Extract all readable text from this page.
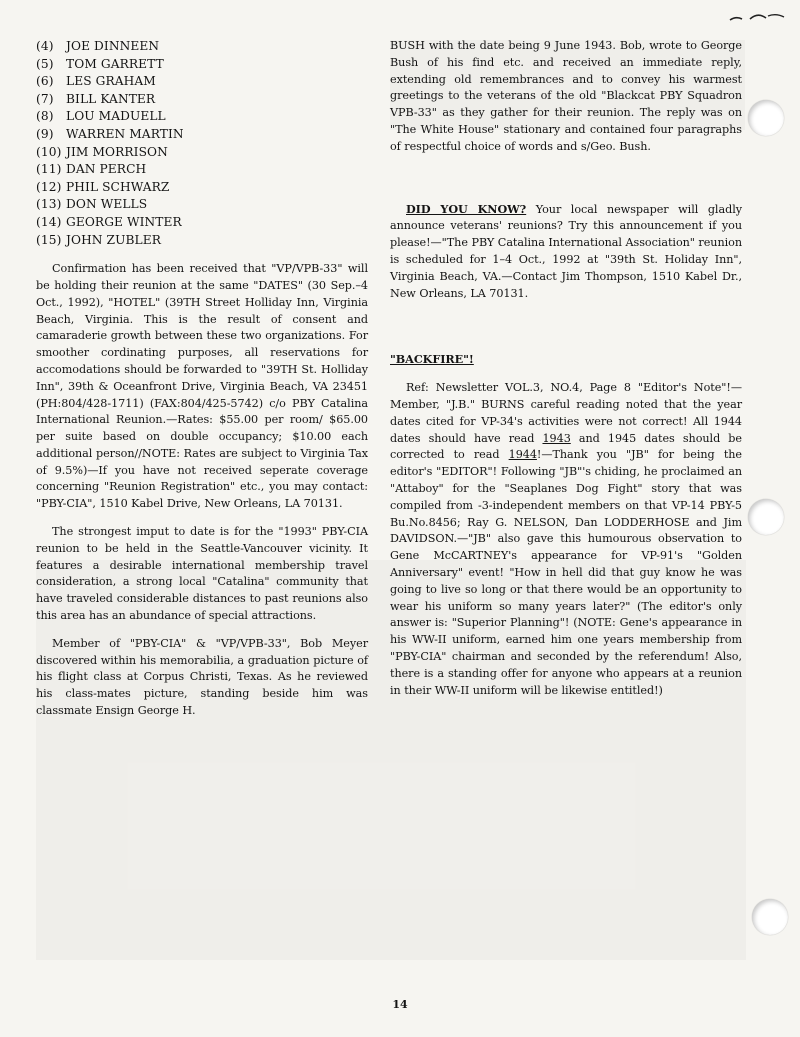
(4) JOE DINNEEN
(5) TOM GARRETT
(6) LES GRAHAM
(7) BILL KANTER
(8) LOU MADUELL
(9) WARREN MARTIN
(10) JIM MORRISON
(11) DAN PERCH
(12) PHIL SCHWARZ
(13) DON WELLS
(14) GEORGE WINTER
(15) JOHN ZUBLER

Confirmation has been received that "VP/VPB-33" will be holding their reunion at the same "DATES" (30 Sep.–4 Oct., 1992), "HOTEL" (39TH Street Holliday Inn, Virginia Beach, Virginia. This is the result of consent and camaraderie growth between these two organizations. For smoother cordinating purposes, all reservations for accomodations should be forwarded to "39TH St. Holliday Inn", 39th & Oceanfront Drive, Virginia Beach, VA 23451 (PH:804/428-1711) (FAX:804/425-5742) c/o PBY Catalina International Reunion.—Rates: $55.00 per room/ $65.00 per suite based on double occupancy; $10.00 each additional person//NOTE: Rates are subject to Virginia Tax of 9.5%)—If you have not received seperate coverage concerning "Reunion Registration" etc., you may contact: "PBY-CIA", 1510 Kabel Drive, New Orleans, LA 70131.

The strongest imput to date is for the "1993" PBY-CIA reunion to be held in the Seattle-Vancouver vicinity. It features a desirable international membership travel consideration, a strong local "Catalina" community that have traveled considerable distances to past reunions also this area has an abundance of special attractions.

Member of "PBY-CIA" & "VP/VPB-33", Bob Meyer discovered within his memorabilia, a graduation picture of his flight class at Corpus Christi, Texas. As he reviewed his class-mates picture, standing beside him was classmate Ensign George H.

BUSH with the date being 9 June 1943. Bob, wrote to George Bush of his find etc. and received an immediate reply, extending old remembrances and to convey his warmest greetings to the veterans of the old "Blackcat PBY Squadron VPB-33" as they gather for their reunion. The reply was on "The White House" stationary and contained four paragraphs of respectful choice of words and s/Geo. Bush.

DID YOU KNOW? Your local newspaper will gladly announce veterans' reunions? Try this announcement if you please!—"The PBY Catalina International Association" reunion is scheduled for 1–4 Oct., 1992 at "39th St. Holiday Inn", Virginia Beach, VA.—Contact Jim Thompson, 1510 Kabel Dr., New Orleans, LA 70131.

"BACKFIRE"!

Ref: Newsletter VOL.3, NO.4, Page 8 "Editor's Note"!—Member, "J.B." BURNS careful reading noted that the year dates cited for VP-34's activities were not correct! All 1944 dates should have read 1943 and 1945 dates should be corrected to read 1944!—Thank you "JB" for being the editor's "EDITOR"! Following "JB"'s chiding, he proclaimed an "Attaboy" for the "Seaplanes Dog Fight" story that was compiled from -3-independent members on that VP-14 PBY-5 Bu.No.8456; Ray G. NELSON, Dan LODDERHOSE and Jim DAVIDSON.—"JB" also gave this humourous observation to Gene McCARTNEY's appearance for VP-91's "Golden Anniversary" event! "How in hell did that guy know he was going to live so long or that there would be an opportunity to wear his uniform so many years later?" (The editor's only answer is: "Superior Planning"! (NOTE: Gene's appearance in his WW-II uniform, earned him one years membership from "PBY-CIA" chairman and seconded by the referendum! Also, there is a standing offer for anyone who appears at a reunion in their WW-II uniform will be likewise entitled!)

14
